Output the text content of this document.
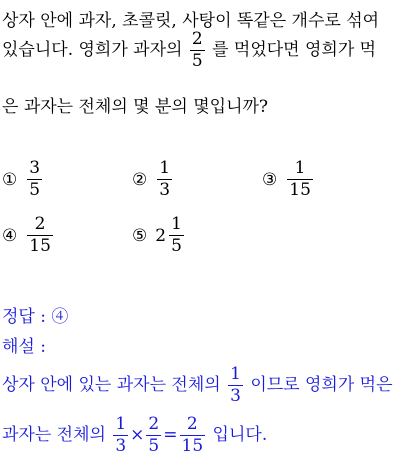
상자 안에 과자, 초콜릿, 사탕이 똑같은 개수로 섞여
있습니다. 영희가 과자의 $\frac{2}{5}$ 를 먹었다면 영희가 먹
은 과자는 전체의 몇 분의 몇입니까?
① $\frac{3}{5}$	② $\frac{1}{3}$	③ $\frac{1}{15}$
④ $\frac{2}{15}$	⑤ $2 \frac{1}{5}$
정답 : ④
해설 :
상자 안에 있는 과자는 전체의 $\frac{1}{3}$ 이므로 영희가 먹은
과자는 전체의 $\frac{1}{3} \times \frac{2}{5} = \frac{2}{15}$ 입니다.
